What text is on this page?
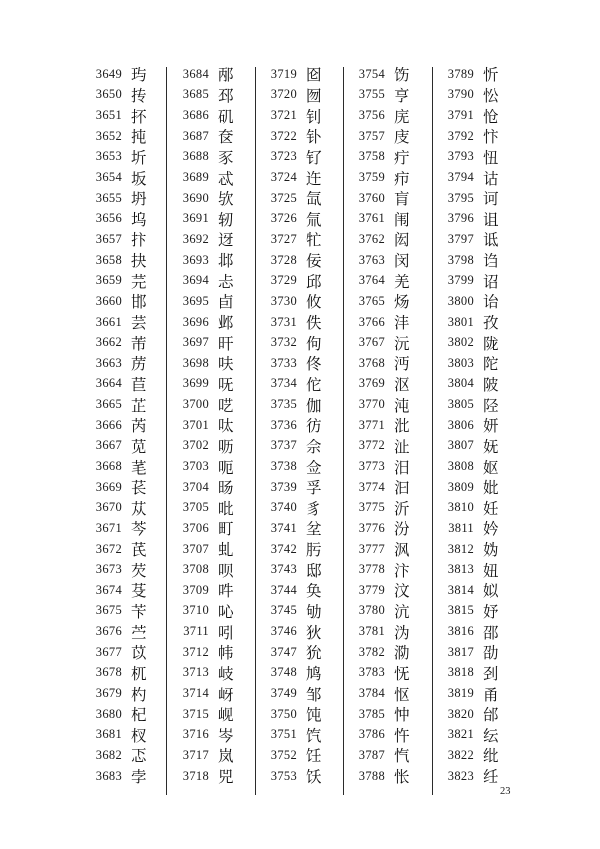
3649 玙
3650 抟
3651 抔
3652 扽
3653 圻
3654 坂
3655 坍
3656 坞
3657 抃
3658 抉
3659 芫
3660 邯
3661 芸
3662 芾
3663 苈
3664 苣
3665 芷
3666 芮
3667 苋
3668 芼
3669 苌
3670 苁
3671 芩
3672 芪
3673 芡
3674 芟
3675 苄
3676 苎
3677 苡
3678 杌
3679 杓
3680 杞
3681 杈
3682 忑
3683 孛
3684 邴
3685 邳
3686 矶
3687 奁
3688 豕
3689 忒
3690 欤
3691 轫
3692 迓
3693 邶
3694 忐
3695 卣
3696 邺
3697 旰
3698 呋
3699 呒
3700 呓
3701 呔
3702 呖
3703 呃
3704 旸
3705 吡
3706 町
3707 虬
3708 呗
3709 吽
3710 吣
3711 吲
3712 帏
3713 岐
3714 岈
3715 岘
3716 岑
3717 岚
3718 兕
3719 囵
3720 囫
3721 钊
3722 钋
3723 钌
3724 迕
3725 氙
3726 氚
3727 牤
3728 佞
3729 邱
3730 攸
3731 佚
3732 佝
3733 佟
3734 佗
3735 伽
3736 彷
3737 佘
3738 佥
3739 孚
3740 豸
3741 坌
3742 肟
3743 邸
3744 奂
3745 劬
3746 狄
3747 狁
3748 鸠
3749 邹
3750 饨
3751 饩
3752 饪
3753 饫
3754 饬
3755 亨
3756 庑
3757 庋
3758 疔
3759 疖
3760 肓
3761 闱
3762 闳
3763 闵
3764 羌
3765 炀
3766 沣
3767 沅
3768 沔
3769 沤
3770 沌
3771 沘
3772 沚
3773 汨
3774 汩
3775 沂
3776 汾
3777 沨
3778 汴
3779 汶
3780 沆
3781 沩
3782 泐
3783 怃
3784 怄
3785 忡
3786 忤
3787 忾
3788 怅
3789 忻
3790 忪
3791 怆
3792 忭
3793 忸
3794 诂
3795 诃
3796 诅
3797 诋
3798 诌
3799 诏
3800 诒
3801 孜
3802 陇
3803 陀
3804 陂
3805 陉
3806 妍
3807 妩
3808 妪
3809 妣
3810 妊
3811 妗
3812 妫
3813 妞
3814 姒
3815 妤
3816 邵
3817 劭
3818 刭
3819 甬
3820 邰
3821 纭
3822 纰
3823 纴
23
